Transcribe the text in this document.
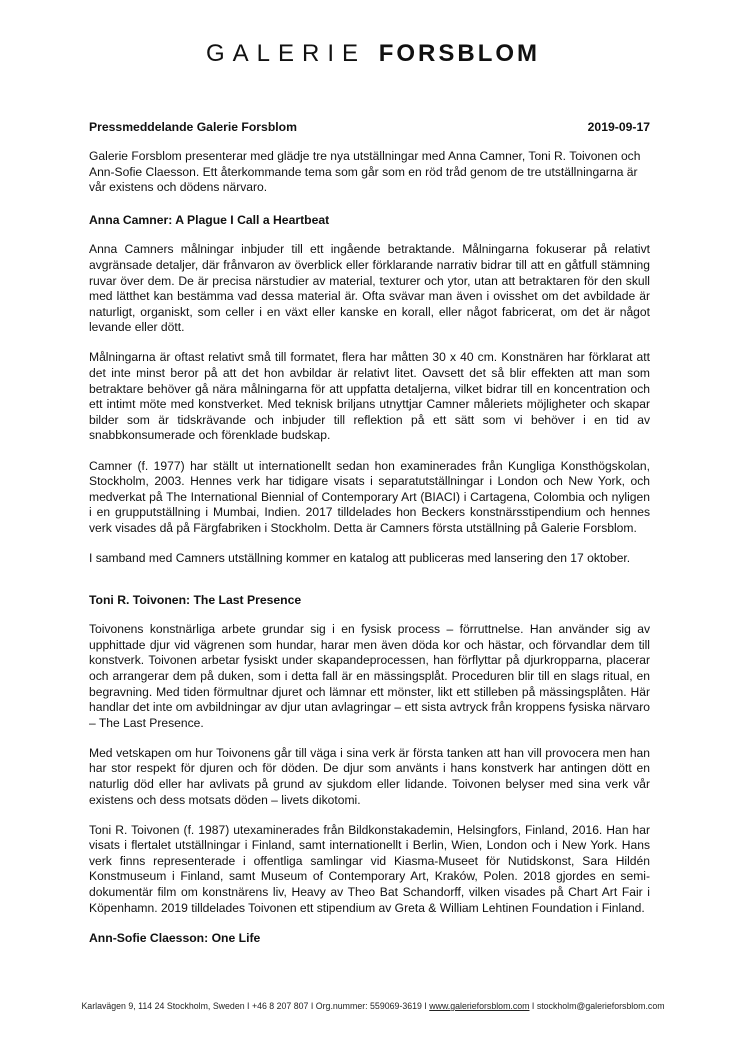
GALERIE FORSBLOM
Pressmeddelande Galerie Forsblom	2019-09-17

Galerie Forsblom presenterar med glädje tre nya utställningar med Anna Camner, Toni R. Toivonen och Ann-Sofie Claesson. Ett återkommande tema som går som en röd tråd genom de tre utställningarna är vår existens och dödens närvaro.

Anna Camner: A Plague I Call a Heartbeat

Anna Camners målningar inbjuder till ett ingående betraktande. Målningarna fokuserar på relativt avgränsade detaljer, där frånvaron av överblick eller förklarande narrativ bidrar till att en gåtfull stämning ruvar över dem. De är precisa närstudier av material, texturer och ytor, utan att betraktaren för den skull med lätthet kan bestämma vad dessa material är. Ofta svävar man även i ovisshet om det avbildade är naturligt, organiskt, som celler i en växt eller kanske en korall, eller något fabricerat, om det är något levande eller dött.

Målningarna är oftast relativt små till formatet, flera har måtten 30 x 40 cm. Konstnären har förklarat att det inte minst beror på att det hon avbildar är relativt litet. Oavsett det så blir effekten att man som betraktare behöver gå nära målningarna för att uppfatta detaljerna, vilket bidrar till en koncentration och ett intimt möte med konstverket. Med teknisk briljans utnyttjar Camner måleriets möjligheter och skapar bilder som är tidskrävande och inbjuder till reflektion på ett sätt som vi behöver i en tid av snabbkonsumerade och förenklade budskap.

Camner (f. 1977) har ställt ut internationellt sedan hon examinerades från Kungliga Konsthögskolan, Stockholm, 2003. Hennes verk har tidigare visats i separatutställningar i London och New York, och medverkat på The International Biennial of Contemporary Art (BIACI) i Cartagena, Colombia och nyligen i en grupputställning i Mumbai, Indien. 2017 tilldelades hon Beckers konstnärsstipendium och hennes verk visades då på Färgfabriken i Stockholm. Detta är Camners första utställning på Galerie Forsblom.

I samband med Camners utställning kommer en katalog att publiceras med lansering den 17 oktober.

Toni R. Toivonen: The Last Presence

Toivonens konstnärliga arbete grundar sig i en fysisk process – förruttnelse. Han använder sig av upphittade djur vid vägrenen som hundar, harar men även döda kor och hästar, och förvandlar dem till konstverk. Toivonen arbetar fysiskt under skapandeprocessen, han förflyttar på djurkropparna, placerar och arrangerar dem på duken, som i detta fall är en mässingsplåt. Proceduren blir till en slags ritual, en begravning. Med tiden förmultnar djuret och lämnar ett mönster, likt ett stilleben på mässingsplåten. Här handlar det inte om avbildningar av djur utan avlagringar – ett sista avtryck från kroppens fysiska närvaro – The Last Presence.

Med vetskapen om hur Toivonens går till väga i sina verk är första tanken att han vill provocera men han har stor respekt för djuren och för döden. De djur som använts i hans konstverk har antingen dött en naturlig död eller har avlivats på grund av sjukdom eller lidande. Toivonen belyser med sina verk vår existens och dess motsats döden – livets dikotomi.

Toni R. Toivonen (f. 1987) utexaminerades från Bildkonstakademin, Helsingfors, Finland, 2016. Han har visats i flertalet utställningar i Finland, samt internationellt i Berlin, Wien, London och i New York. Hans verk finns representerade i offentliga samlingar vid Kiasma-Museet för Nutidskonst, Sara Hildén Konstmuseum i Finland, samt Museum of Contemporary Art, Kraków, Polen. 2018 gjordes en semi-dokumentär film om konstnärens liv, Heavy av Theo Bat Schandorff, vilken visades på Chart Art Fair i Köpenhamn. 2019 tilldelades Toivonen ett stipendium av Greta & William Lehtinen Foundation i Finland.

Ann-Sofie Claesson: One Life
Karlavägen 9, 114 24 Stockholm, Sweden I +46 8 207 807 I Org.nummer: 559069-3619 I www.galerieforsblom.com I stockholm@galerieforsblom.com
